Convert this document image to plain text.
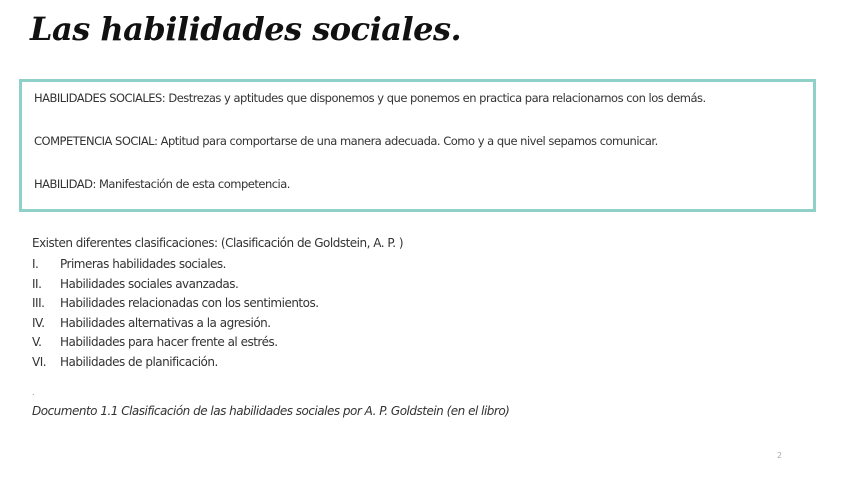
Las habilidades sociales.
HABILIDADES SOCIALES: Destrezas y aptitudes que disponemos y que ponemos en practica para relacionarnos con los demás.
COMPETENCIA SOCIAL: Aptitud para comportarse de una manera adecuada. Como y a que nivel sepamos comunicar.
HABILIDAD: Manifestación de esta competencia.
Existen diferentes clasificaciones: (Clasificación de Goldstein, A. P. )
I. Primeras habilidades sociales.
II. Habilidades sociales avanzadas.
III. Habilidades relacionadas con los sentimientos.
IV. Habilidades alternativas a la agresión.
V. Habilidades para hacer frente al estrés.
VI. Habilidades de planificación.
.
Documento 1.1 Clasificación de las habilidades sociales por A. P. Goldstein (en el libro)
2
